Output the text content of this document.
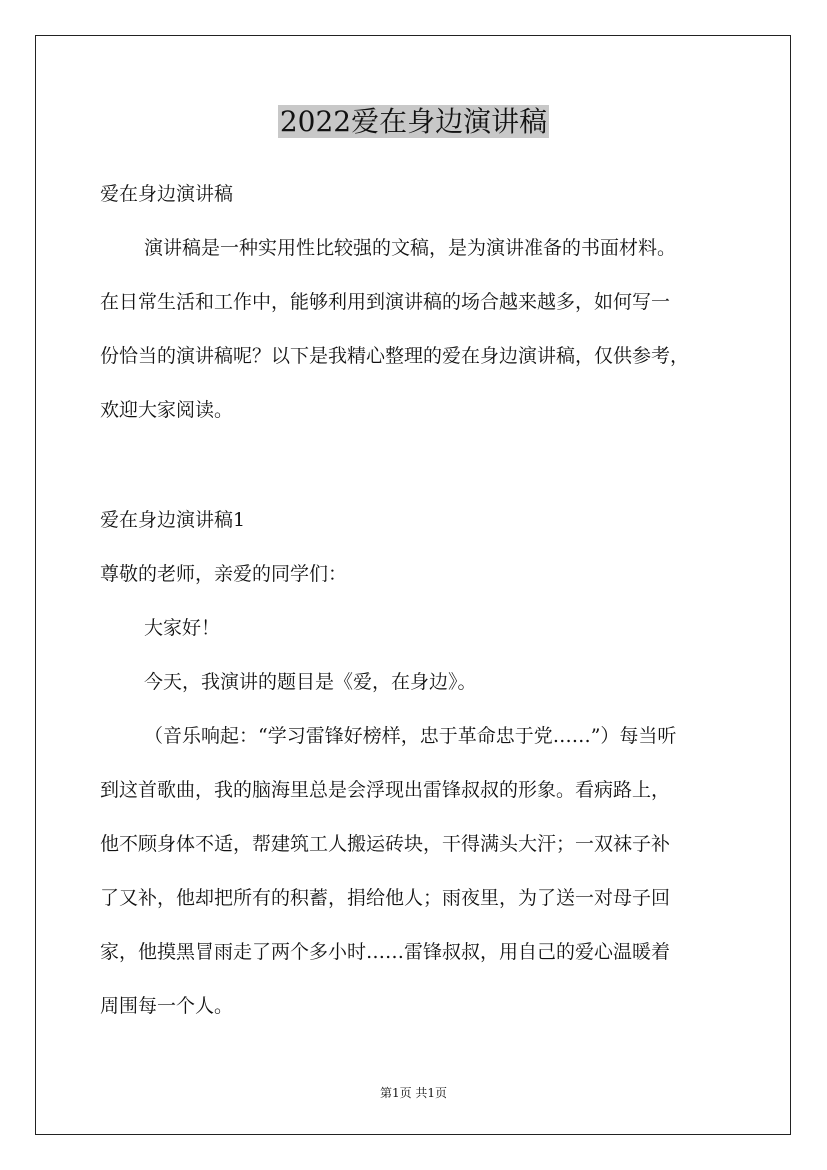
2022爱在身边演讲稿
爱在身边演讲稿
演讲稿是一种实用性比较强的文稿，是为演讲准备的书面材料。
在日常生活和工作中，能够利用到演讲稿的场合越来越多，如何写一
份恰当的演讲稿呢？以下是我精心整理的爱在身边演讲稿，仅供参考，
欢迎大家阅读。
爱在身边演讲稿1
尊敬的老师，亲爱的同学们：
大家好！
今天，我演讲的题目是《爱，在身边》。
（音乐响起：“学习雷锋好榜样，忠于革命忠于党……”）每当听
到这首歌曲，我的脑海里总是会浮现出雷锋叔叔的形象。看病路上，
他不顾身体不适，帮建筑工人搬运砖块，干得满头大汗；一双袜子补
了又补，他却把所有的积蓄，捐给他人；雨夜里，为了送一对母子回
家，他摸黑冒雨走了两个多小时……雷锋叔叔，用自己的爱心温暖着
周围每一个人。
第1页 共1页
